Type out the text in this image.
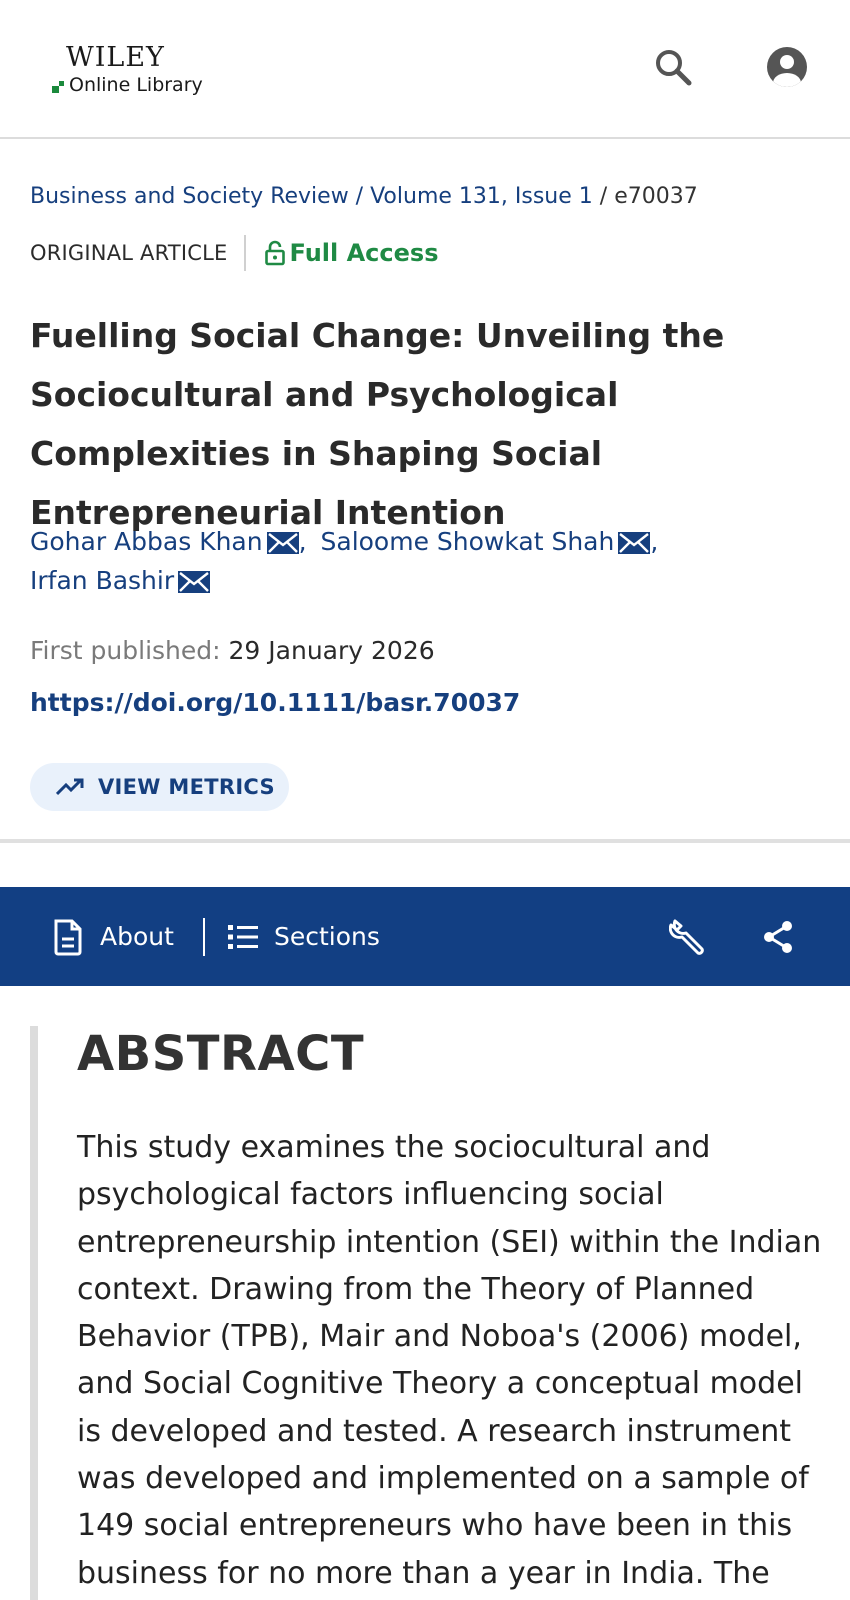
WILEY
Online Library
Business and Society Review / Volume 131, Issue 1 / e70037
ORIGINAL ARTICLE	Full Access
Fuelling Social Change: Unveiling the Sociocultural and Psychological Complexities in Shaping Social Entrepreneurial Intention
Gohar Abbas Khan , Saloome Showkat Shah ,
Irfan Bashir
First published: 29 January 2026
https://doi.org/10.1111/basr.70037
VIEW METRICS
About	Sections
ABSTRACT

This study examines the sociocultural and psychological factors influencing social entrepreneurship intention (SEI) within the Indian context. Drawing from the Theory of Planned Behavior (TPB), Mair and Noboa's (2006) model, and Social Cognitive Theory a conceptual model is developed and tested. A research instrument was developed and implemented on a sample of 149 social entrepreneurs who have been in this business for no more than a year in India. The
